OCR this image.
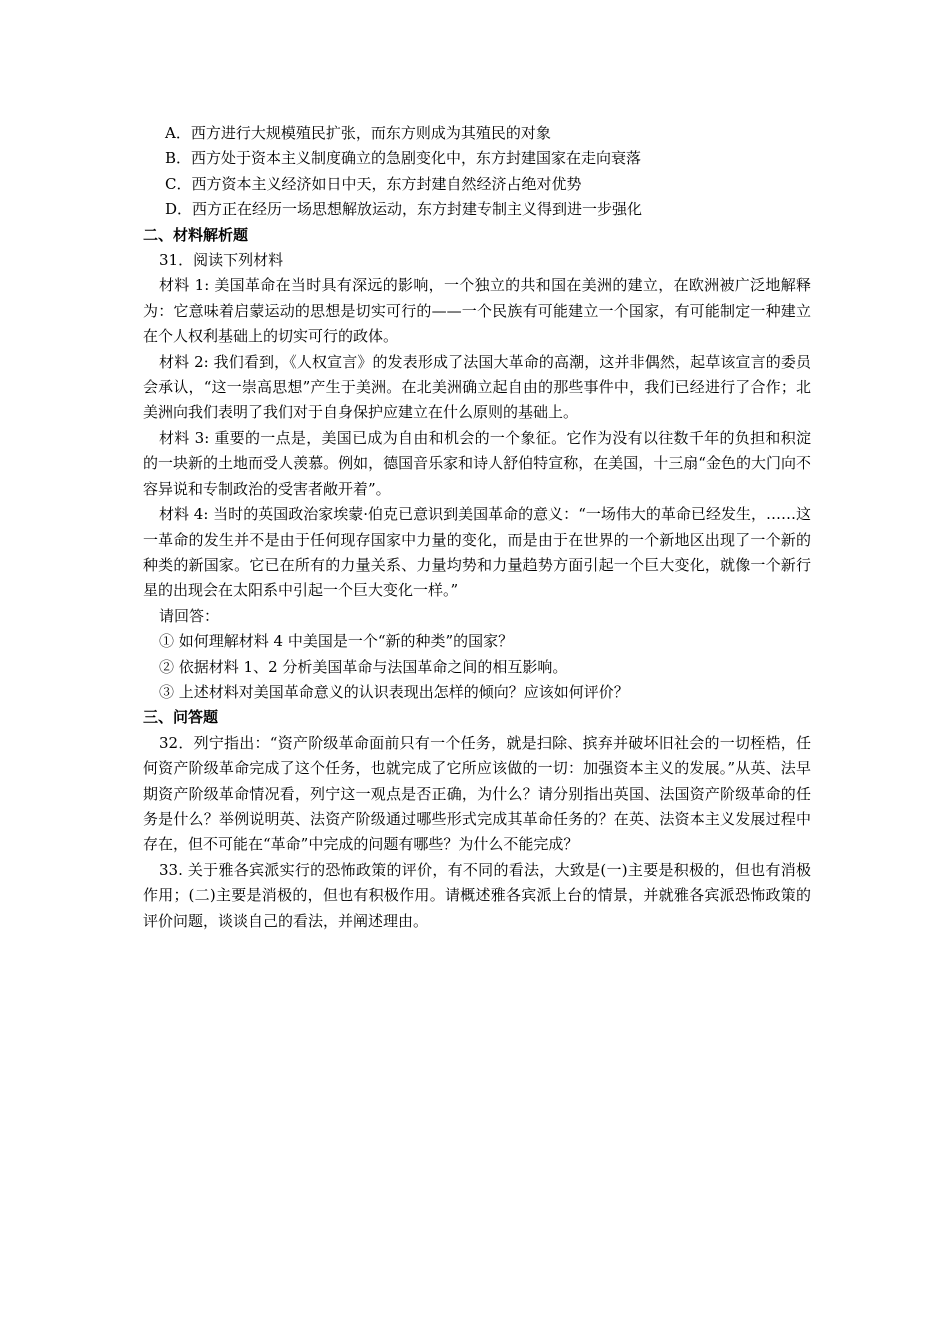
A．西方进行大规模殖民扩张，而东方则成为其殖民的对象
B．西方处于资本主义制度确立的急剧变化中，东方封建国家在走向衰落
C．西方资本主义经济如日中天，东方封建自然经济占绝对优势
D．西方正在经历一场思想解放运动，东方封建专制主义得到进一步强化
二、材料解析题
31．阅读下列材料
材料 1: 美国革命在当时具有深远的影响，一个独立的共和国在美洲的建立，在欧洲被广泛地解释为：它意味着启蒙运动的思想是切实可行的——一个民族有可能建立一个国家，有可能制定一种建立在个人权利基础上的切实可行的政体。
材料 2: 我们看到，《人权宣言》的发表形成了法国大革命的高潮，这并非偶然，起草该宣言的委员会承认，“这一崇高思想”产生于美洲。在北美洲确立起自由的那些事件中，我们已经进行了合作；北美洲向我们表明了我们对于自身保护应建立在什么原则的基础上。
材料 3: 重要的一点是，美国已成为自由和机会的一个象征。它作为没有以往数千年的负担和积淀的一块新的土地而受人羡慕。例如，德国音乐家和诗人舒伯特宣称，在美国，十三扇“金色的大门向不容异说和专制政治的受害者敞开着”。
材料 4: 当时的英国政治家埃蒙·伯克已意识到美国革命的意义：“一场伟大的革命已经发生，……这一革命的发生并不是由于任何现存国家中力量的变化，而是由于在世界的一个新地区出现了一个新的种类的新国家。它已在所有的力量关系、力量均势和力量趋势方面引起一个巨大变化，就像一个新行星的出现会在太阳系中引起一个巨大变化一样。”
请回答：
① 如何理解材料 4 中美国是一个“新的种类”的国家？
② 依据材料 1、2 分析美国革命与法国革命之间的相互影响。
③ 上述材料对美国革命意义的认识表现出怎样的倾向？应该如何评价？
三、问答题
32．列宁指出：“资产阶级革命面前只有一个任务，就是扫除、摈弃并破坏旧社会的一切桎梏，任何资产阶级革命完成了这个任务，也就完成了它所应该做的一切：加强资本主义的发展。”从英、法早期资产阶级革命情况看，列宁这一观点是否正确，为什么？请分别指出英国、法国资产阶级革命的任务是什么？举例说明英、法资产阶级通过哪些形式完成其革命任务的？在英、法资本主义发展过程中存在，但不可能在“革命”中完成的问题有哪些？为什么不能完成？
33. 关于雅各宾派实行的恐怖政策的评价，有不同的看法，大致是(一)主要是积极的，但也有消极作用；(二)主要是消极的，但也有积极作用。请概述雅各宾派上台的情景，并就雅各宾派恐怖政策的评价问题，谈谈自己的看法，并阐述理由。
